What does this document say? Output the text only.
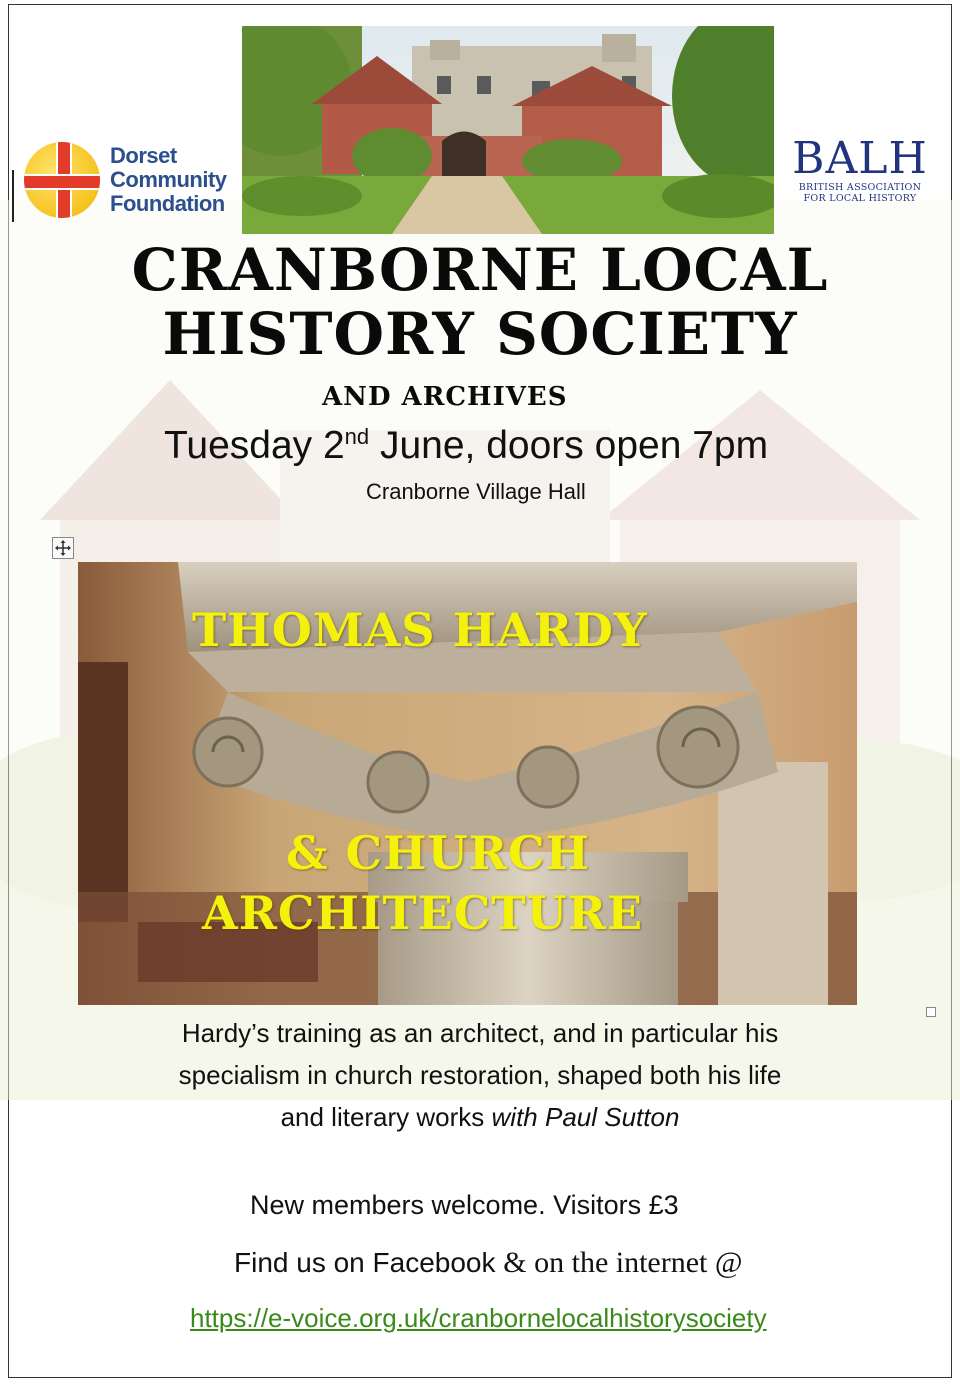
Dorset
Community
Foundation
BALH
BRITISH ASSOCIATION
FOR LOCAL HISTORY
CRANBORNE LOCAL
HISTORY SOCIETY
AND ARCHIVES
Tuesday 2nd June, doors open 7pm
Cranborne Village Hall
THOMAS HARDY
& CHURCH
ARCHITECTURE
Hardy’s training as an architect, and in particular his
specialism in church restoration, shaped both his life
and literary works with Paul Sutton
New members welcome. Visitors £3
Find us on Facebook & on the internet @
https://e-voice.org.uk/cranbornelocalhistorysociety
